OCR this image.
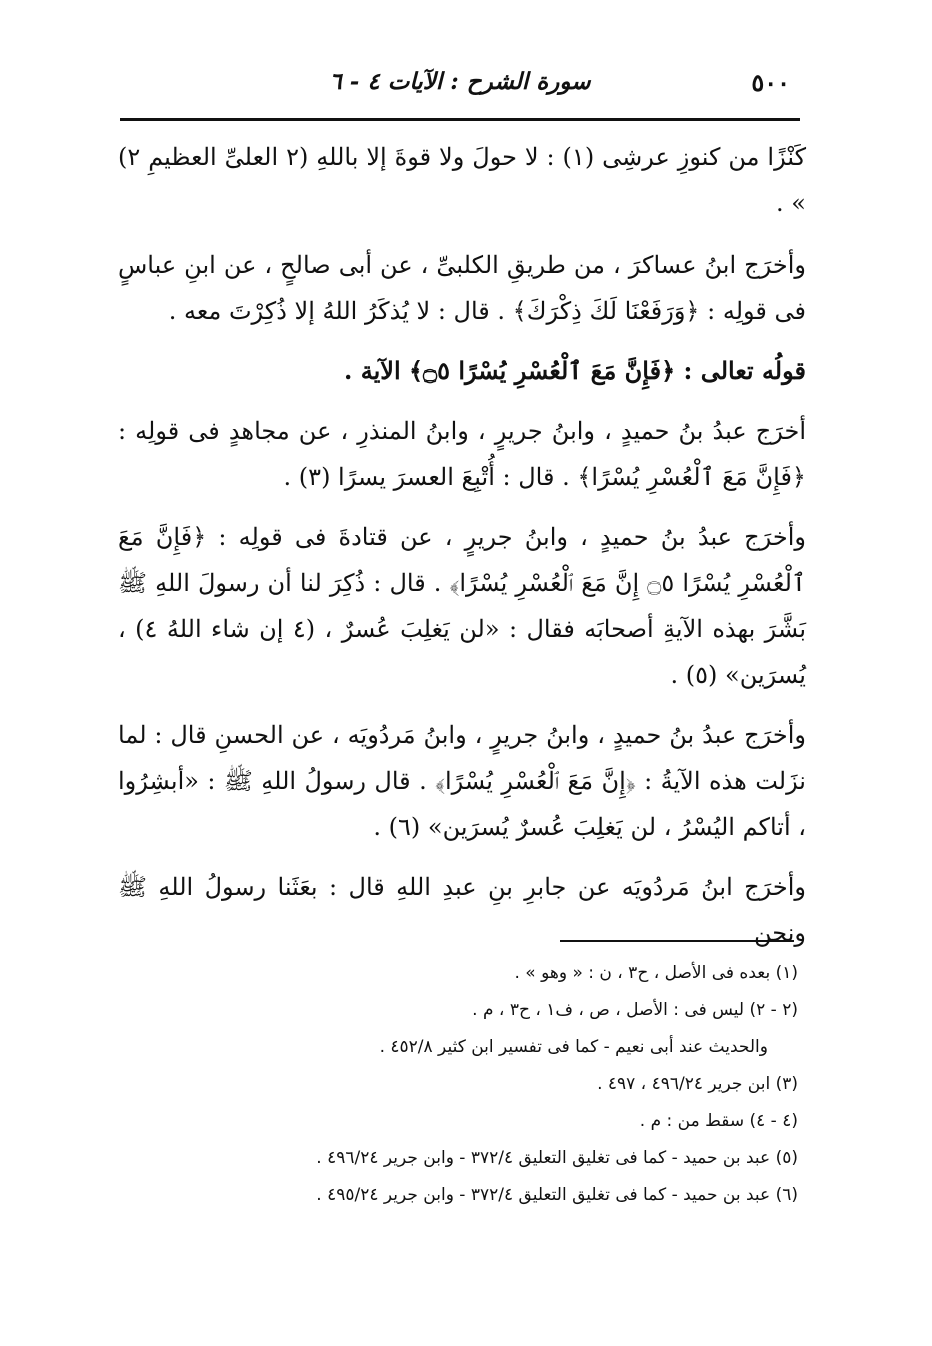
٥٠٠
سورة الشرح : الآيات ٤ - ٦

كَنْزًا من كنوزِ عرشِى (١) : لا حولَ ولا قوةَ إلا باللهِ (٢ العلىِّ العظيمِ ٢) » .

وأخرَج ابنُ عساكرَ ، من طريقِ الكلبىِّ ، عن أبى صالحٍ ، عن ابنِ عباسٍ فى قولِه : ﴿وَرَفَعْنَا لَكَ ذِكْرَكَ﴾ . قال : لا يُذكَرُ اللهُ إلا ذُكِرْتَ معه .

قولُه تعالى : ﴿فَإِنَّ مَعَ ٱلْعُسْرِ يُسْرًا ۝٥﴾ الآية .

أخرَج عبدُ بنُ حميدٍ ، وابنُ جريرٍ ، وابنُ المنذرِ ، عن مجاهدٍ فى قولِه : ﴿فَإِنَّ مَعَ ٱلْعُسْرِ يُسْرًا﴾ . قال : أُتْبِعَ العسرَ يسرًا (٣) .

وأخرَج عبدُ بنُ حميدٍ ، وابنُ جريرٍ ، عن قتادةَ فى قولِه : ﴿فَإِنَّ مَعَ ٱلْعُسْرِ يُسْرًا ۝٥ إِنَّ مَعَ ٱلْعُسْرِ يُسْرًا﴾ . قال : ذُكِرَ لنا أن رسولَ اللهِ ﷺ بَشَّرَ بهذه الآيةِ أصحابَه فقال : «لن يَغلِبَ عُسرٌ ، (٤ إن شاء اللهُ ٤) ، يُسرَين» (٥) .

وأخرَج عبدُ بنُ حميدٍ ، وابنُ جريرٍ ، وابنُ مَردُويَه ، عن الحسنِ قال : لما نزَلت هذه الآيةُ : ﴿إِنَّ مَعَ ٱلْعُسْرِ يُسْرًا﴾ . قال رسولُ اللهِ ﷺ : «أبشِرُوا ، أتاكم اليُسْرُ ، لن يَغلِبَ عُسرٌ يُسرَين» (٦) .

وأخرَج ابنُ مَردُويَه عن جابرِ بنِ عبدِ اللهِ قال : بعَثَنا رسولُ اللهِ ﷺ ونحن

(١) بعده فى الأصل ، ح٣ ، ن : « وهو » .

(٢ - ٢) ليس فى : الأصل ، ص ، ف١ ، ح٣ ، م .

والحديث عند أبى نعيم - كما فى تفسير ابن كثير ٤٥٢/٨ .

(٣) ابن جرير ٤٩٦/٢٤ ، ٤٩٧ .

(٤ - ٤) سقط من : م .

(٥) عبد بن حميد - كما فى تغليق التعليق ٣٧٢/٤ - وابن جرير ٤٩٦/٢٤ .

(٦) عبد بن حميد - كما فى تغليق التعليق ٣٧٢/٤ - وابن جرير ٤٩٥/٢٤ .
